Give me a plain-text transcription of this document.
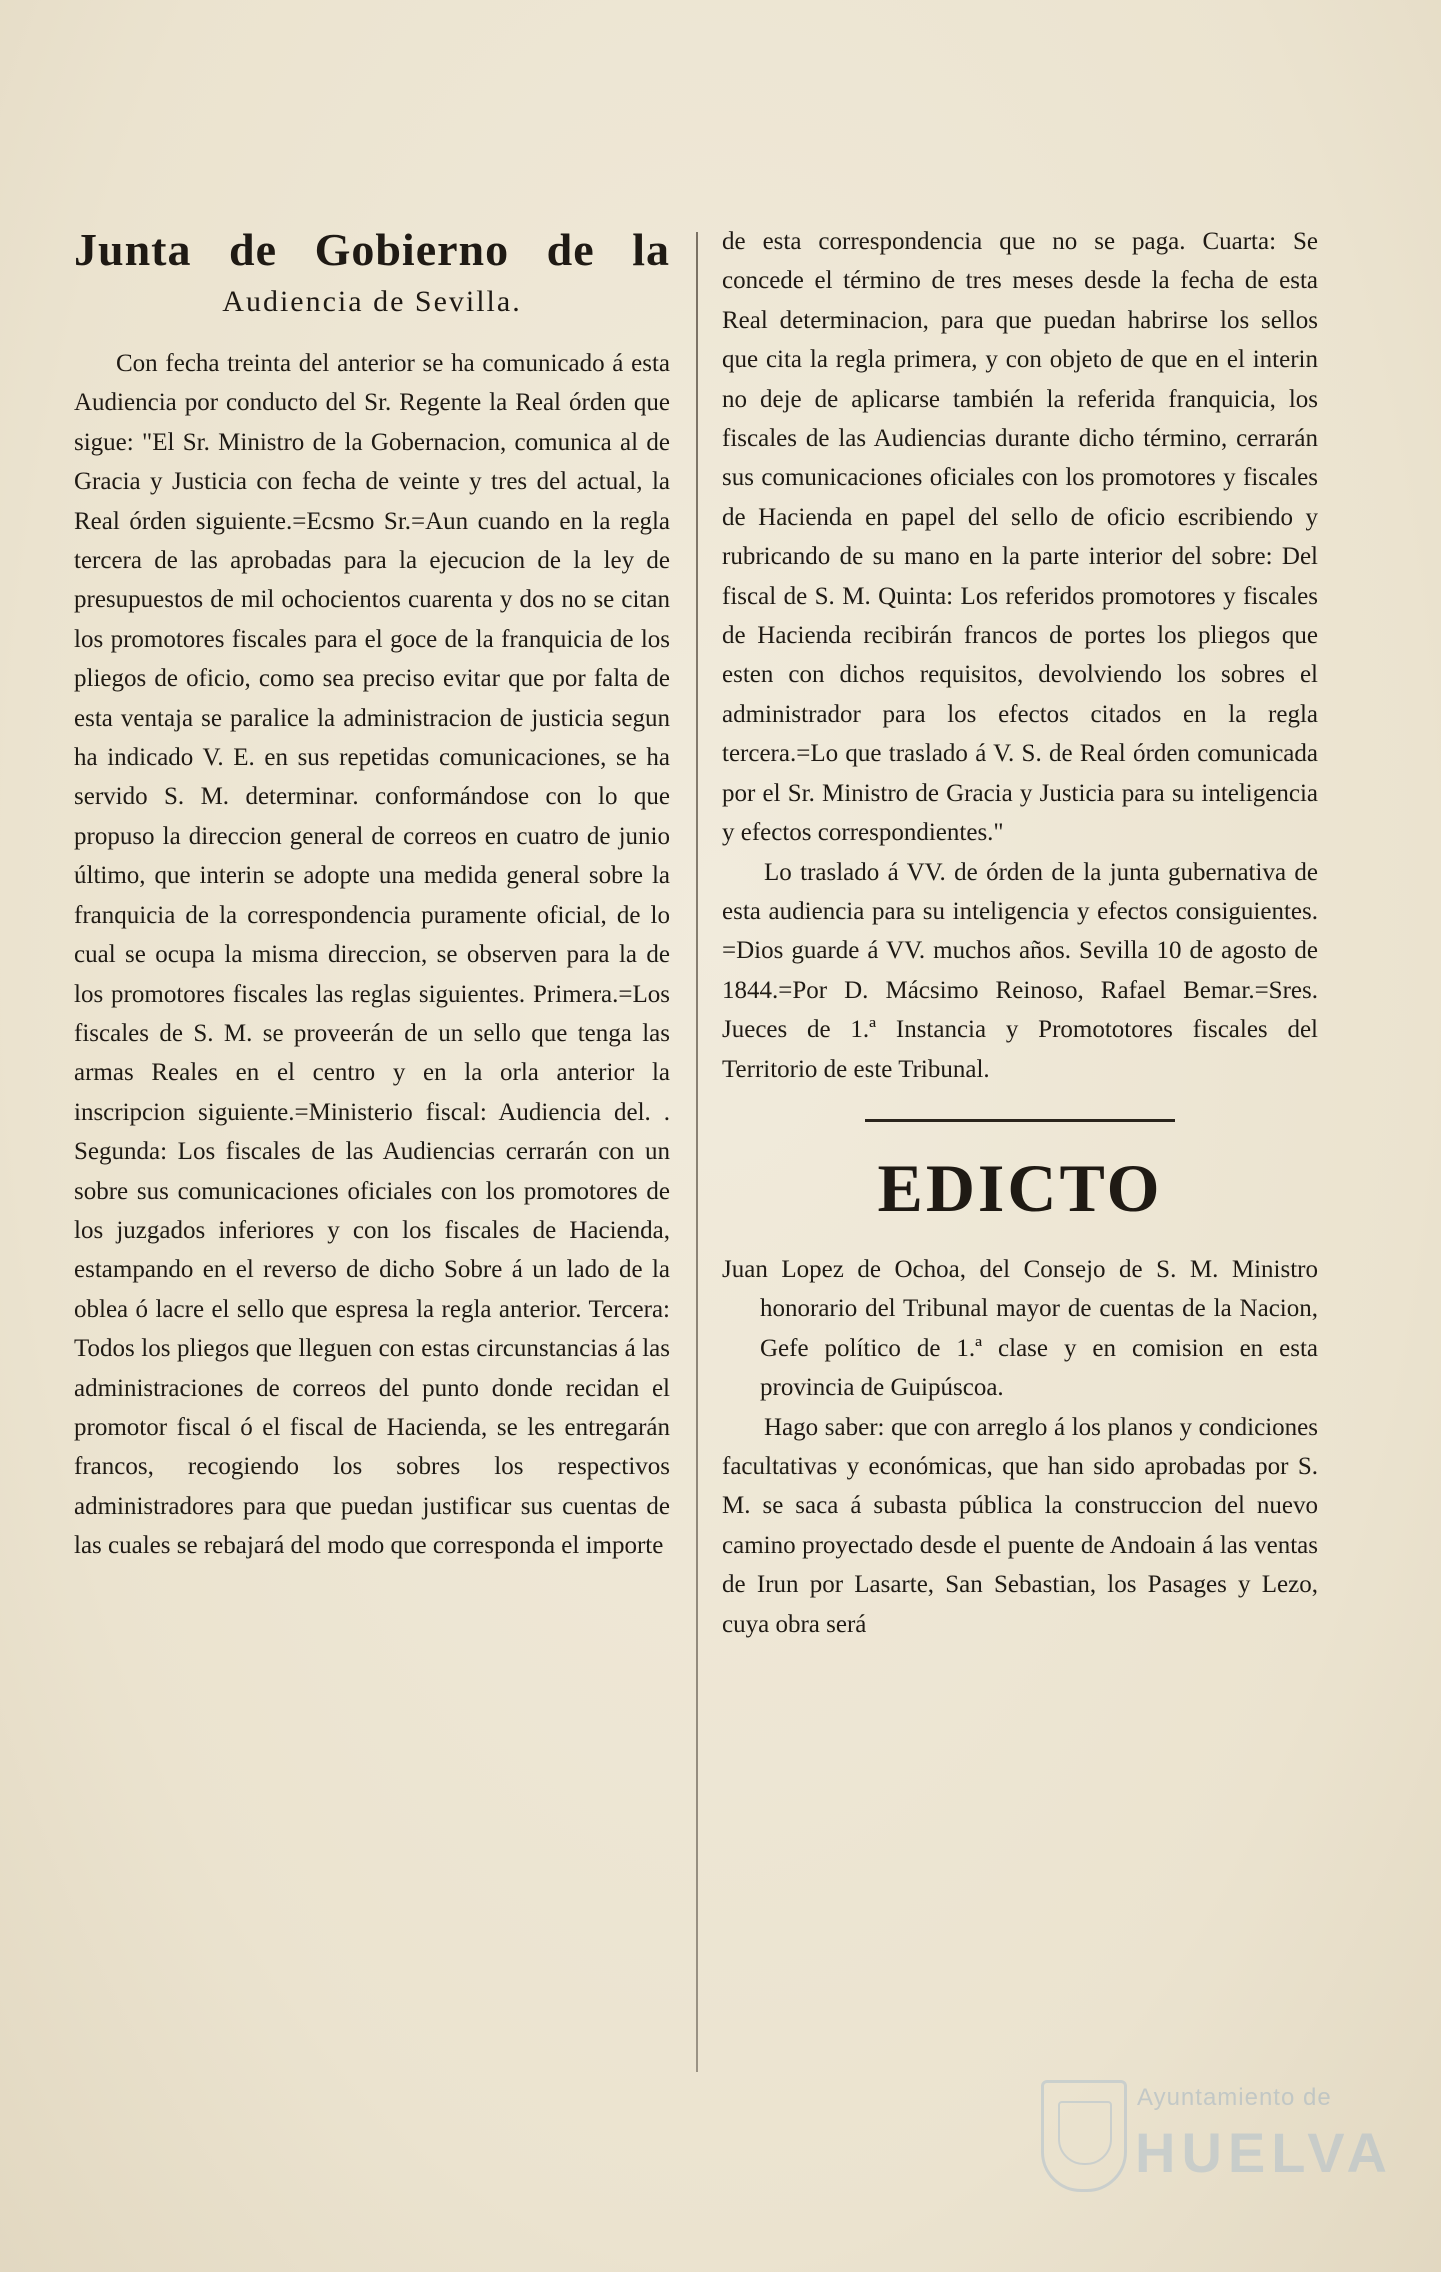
Junta de Gobierno de la
Audiencia de Sevilla.

Con fecha treinta del anterior se ha comunicado á esta Audiencia por conducto del Sr. Regente la Real órden que sigue: "El Sr. Ministro de la Gobernacion, comunica al de Gracia y Justicia con fecha de veinte y tres del actual, la Real órden siguiente.=Ecsmo Sr.=Aun cuando en la regla tercera de las aprobadas para la ejecucion de la ley de presupuestos de mil ochocientos cuarenta y dos no se citan los promotores fiscales para el goce de la franquicia de los pliegos de oficio, como sea preciso evitar que por falta de esta ventaja se paralice la administracion de justicia segun ha indicado V. E. en sus repetidas comunicaciones, se ha servido S. M. determinar. conformándose con lo que propuso la direccion general de correos en cuatro de junio último, que interin se adopte una medida general sobre la franquicia de la correspondencia puramente oficial, de lo cual se ocupa la misma direccion, se observen para la de los promotores fiscales las reglas siguientes. Primera.=Los fiscales de S. M. se proveerán de un sello que tenga las armas Reales en el centro y en la orla anterior la inscripcion siguiente.=Ministerio fiscal: Audiencia del. . Segunda: Los fiscales de las Audiencias cerrarán con un sobre sus comunicaciones oficiales con los promotores de los juzgados inferiores y con los fiscales de Hacienda, estampando en el reverso de dicho Sobre á un lado de la oblea ó lacre el sello que espresa la regla anterior. Tercera: Todos los pliegos que lleguen con estas circunstancias á las administraciones de correos del punto donde recidan el promotor fiscal ó el fiscal de Hacienda, se les entregarán francos, recogiendo los sobres los respectivos administradores para que puedan justificar sus cuentas de las cuales se rebajará del modo que corresponda el importe

de esta correspondencia que no se paga. Cuarta: Se concede el término de tres meses desde la fecha de esta Real determinacion, para que puedan habrirse los sellos que cita la regla primera, y con objeto de que en el interin no deje de aplicarse también la referida franquicia, los fiscales de las Audiencias durante dicho término, cerrarán sus comunicaciones oficiales con los promotores y fiscales de Hacienda en papel del sello de oficio escribiendo y rubricando de su mano en la parte interior del sobre: Del fiscal de S. M. Quinta: Los referidos promotores y fiscales de Hacienda recibirán francos de portes los pliegos que esten con dichos requisitos, devolviendo los sobres el administrador para los efectos citados en la regla tercera.=Lo que traslado á V. S. de Real órden comunicada por el Sr. Ministro de Gracia y Justicia para su inteligencia y efectos correspondientes."

Lo traslado á VV. de órden de la junta gubernativa de esta audiencia para su inteligencia y efectos consiguientes. =Dios guarde á VV. muchos años. Sevilla 10 de agosto de 1844.=Por D. Mácsimo Reinoso, Rafael Bemar.=Sres. Jueces de 1.ª Instancia y Promototores fiscales del Territorio de este Tribunal.

EDICTO

Juan Lopez de Ochoa, del Consejo de S. M. Ministro honorario del Tribunal mayor de cuentas de la Nacion, Gefe político de 1.ª clase y en comision en esta provincia de Guipúscoa.

Hago saber: que con arreglo á los planos y condiciones facultativas y económicas, que han sido aprobadas por S. M. se saca á subasta pública la construccion del nuevo camino proyectado desde el puente de Andoain á las ventas de Irun por Lasarte, San Sebastian, los Pasages y Lezo, cuya obra será

Ayuntamiento de
HUELVA
